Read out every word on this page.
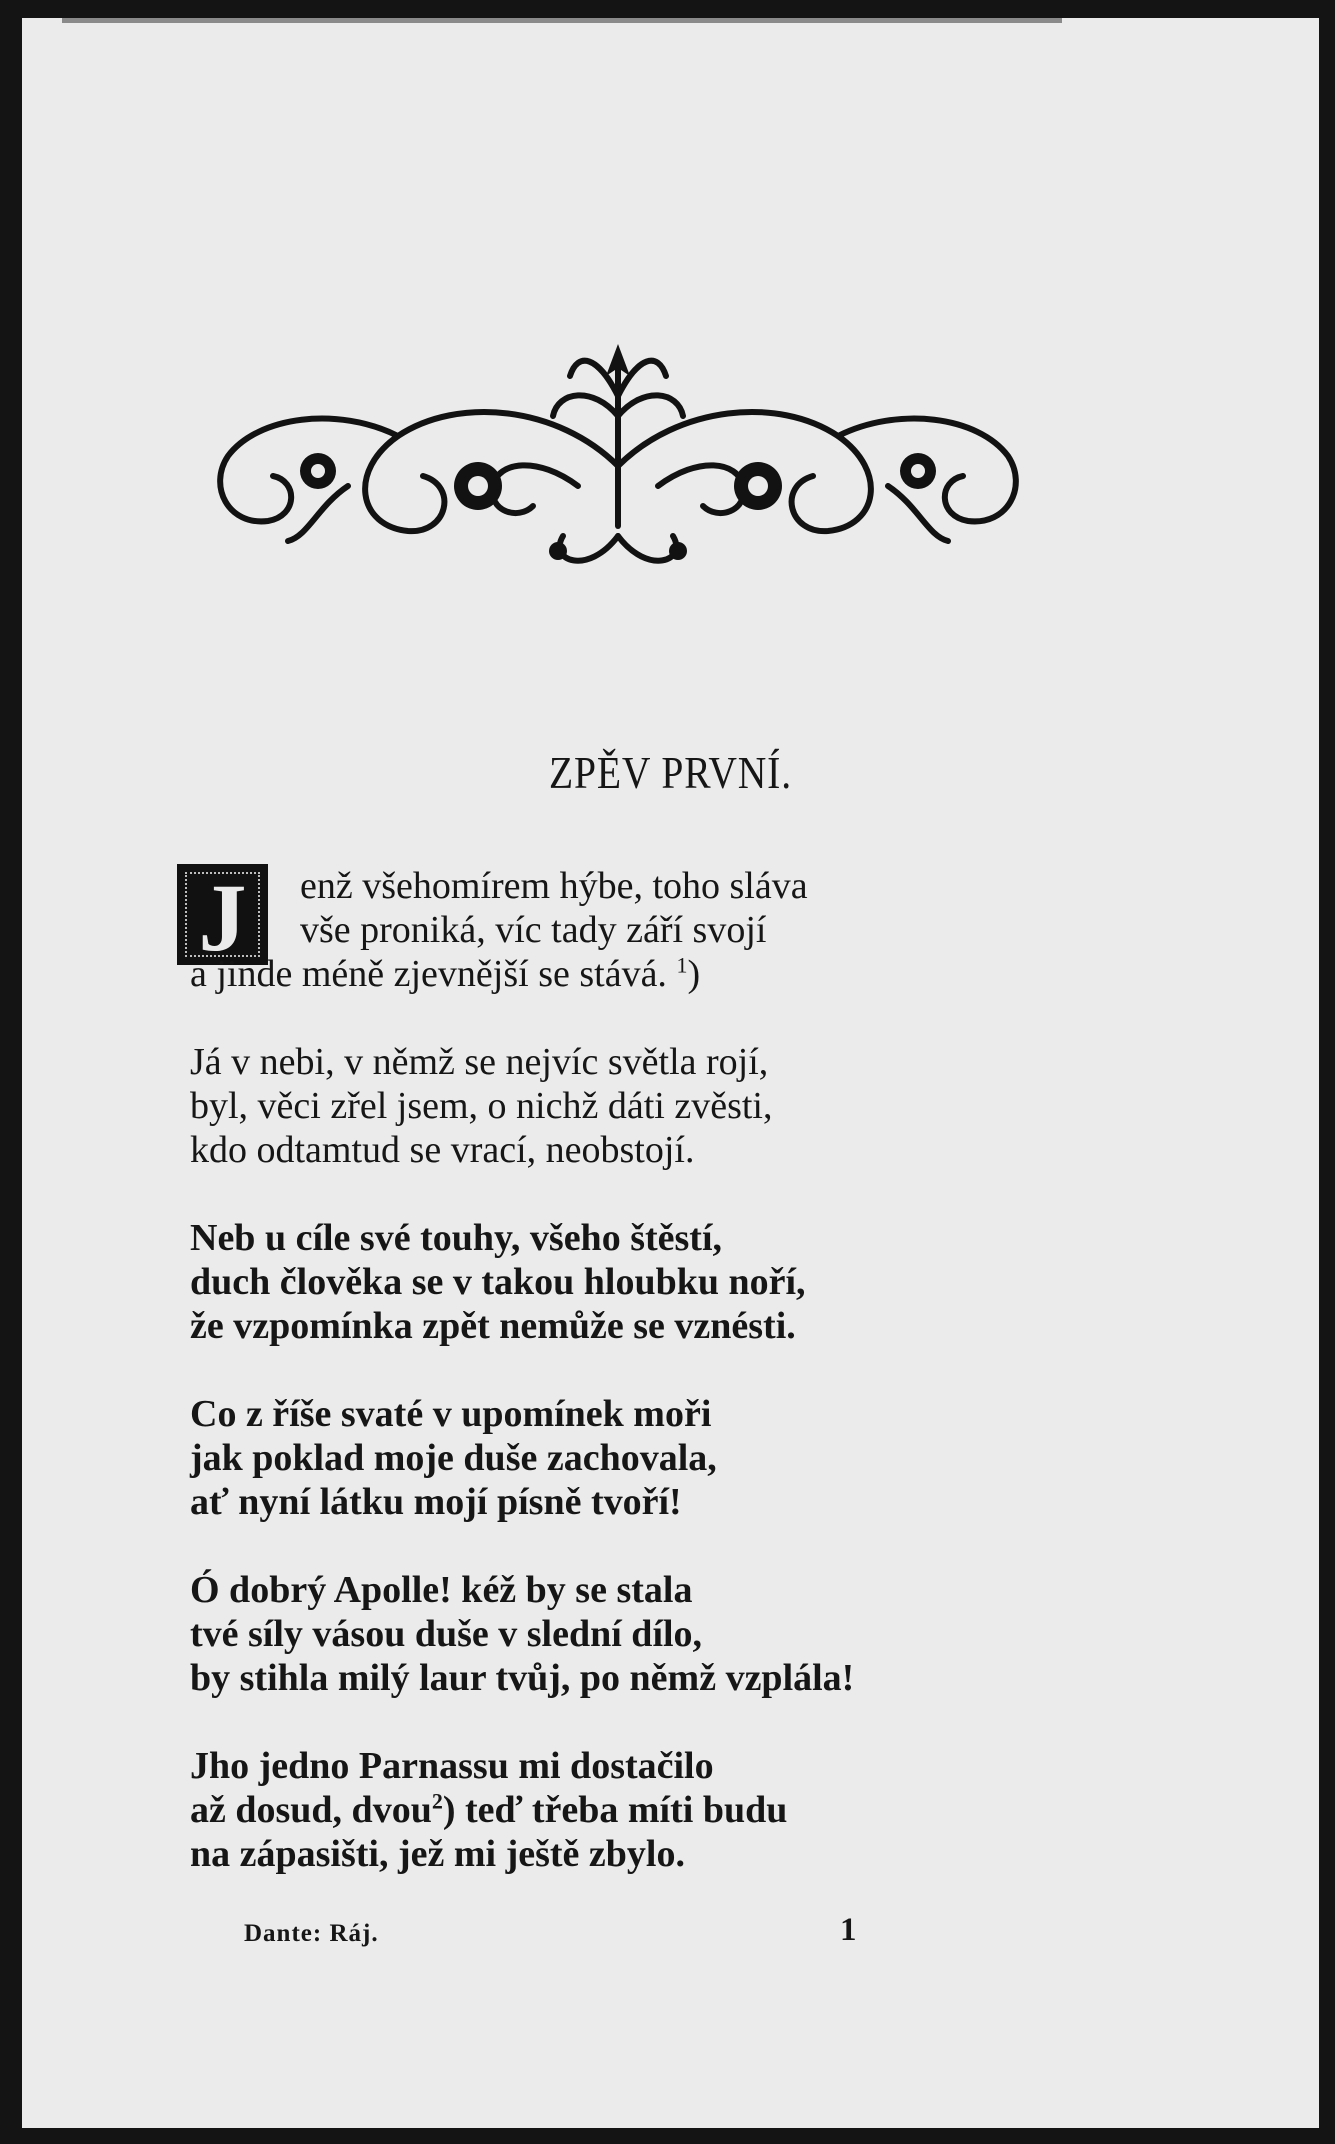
ZPĚV PRVNÍ.
J	enž všehomírem hýbe, toho sláva
vše proniká, víc tady září svojí
a jinde méně zjevnější se stává. $^1$)
Já v nebi, v němž se nejvíc světla rojí,
byl, věci zřel jsem, o nichž dáti zvěsti,
kdo odtamtud se vrací, neobstojí.
Neb u cíle své touhy, všeho štěstí,
duch člověka se v takou hloubku noří,
že vzpomínka zpět nemůže se vznésti.
Co z říše svaté v upomínek moři
jak poklad moje duše zachovala,
ať nyní látku mojí písně tvoří!
Ó dobrý Apolle! kéž by se stala
tvé síly vásou duše v slední dílo,
by stihla milý laur tvůj, po němž vzplála!
Jho jedno Parnassu mi dostačilo
až dosud, dvou$^2$) teď třeba míti budu
na zápasišti, jež mi ještě zbylo.
Dante: Ráj.	1
